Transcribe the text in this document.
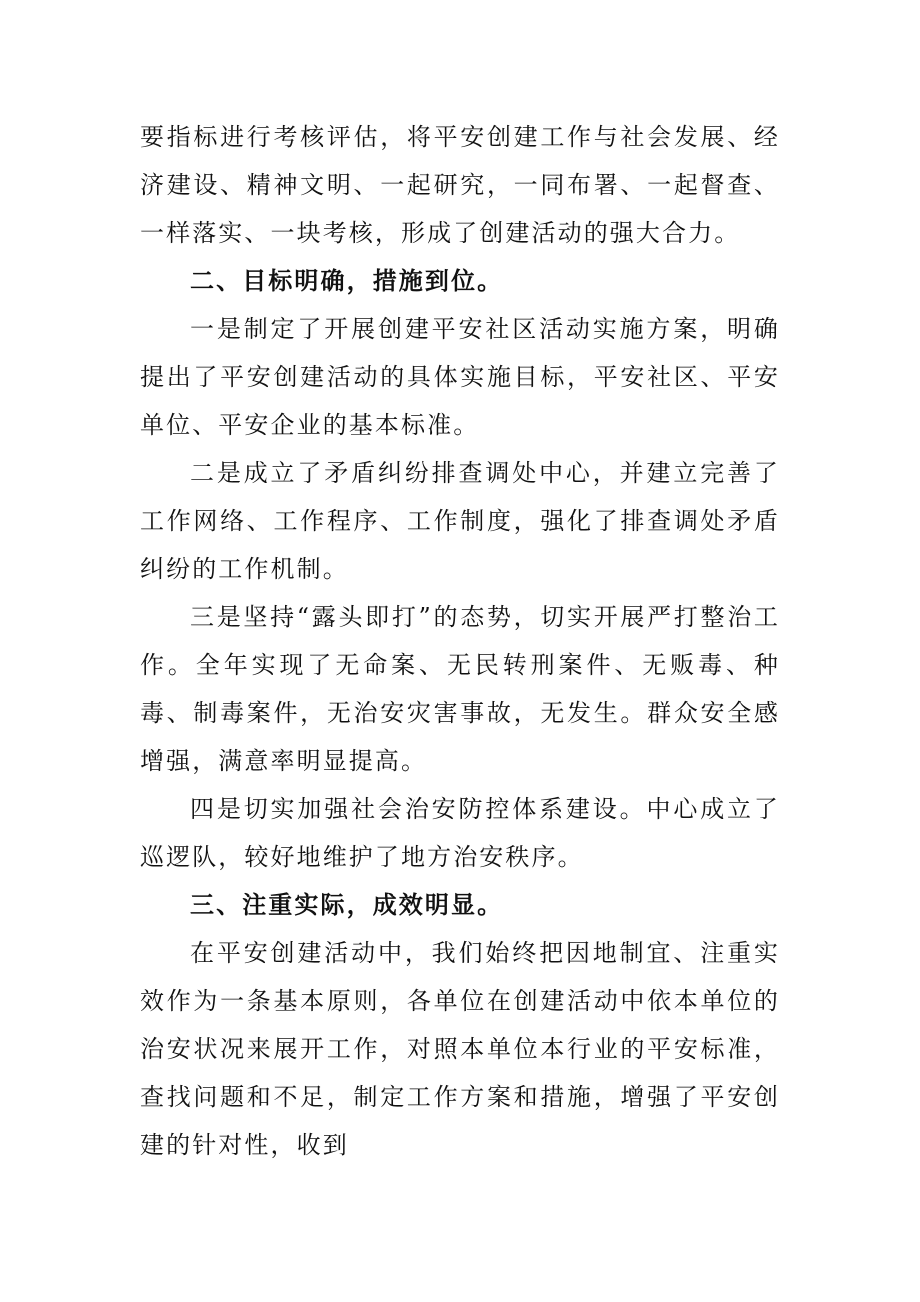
要指标进行考核评估，将平安创建工作与社会发展、经济建设、精神文明、一起研究，一同布署、一起督查、一样落实、一块考核，形成了创建活动的强大合力。

二、目标明确，措施到位。

一是制定了开展创建平安社区活动实施方案，明确提出了平安创建活动的具体实施目标，平安社区、平安单位、平安企业的基本标准。

二是成立了矛盾纠纷排查调处中心，并建立完善了工作网络、工作程序、工作制度，强化了排查调处矛盾纠纷的工作机制。

三是坚持“露头即打”的态势，切实开展严打整治工作。全年实现了无命案、无民转刑案件、无贩毒、种毒、制毒案件，无治安灾害事故，无发生。群众安全感增强，满意率明显提高。

四是切实加强社会治安防控体系建设。中心成立了巡逻队，较好地维护了地方治安秩序。

三、注重实际，成效明显。

在平安创建活动中，我们始终把因地制宜、注重实效作为一条基本原则，各单位在创建活动中依本单位的治安状况来展开工作，对照本单位本行业的平安标准，查找问题和不足，制定工作方案和措施，增强了平安创建的针对性，收到
